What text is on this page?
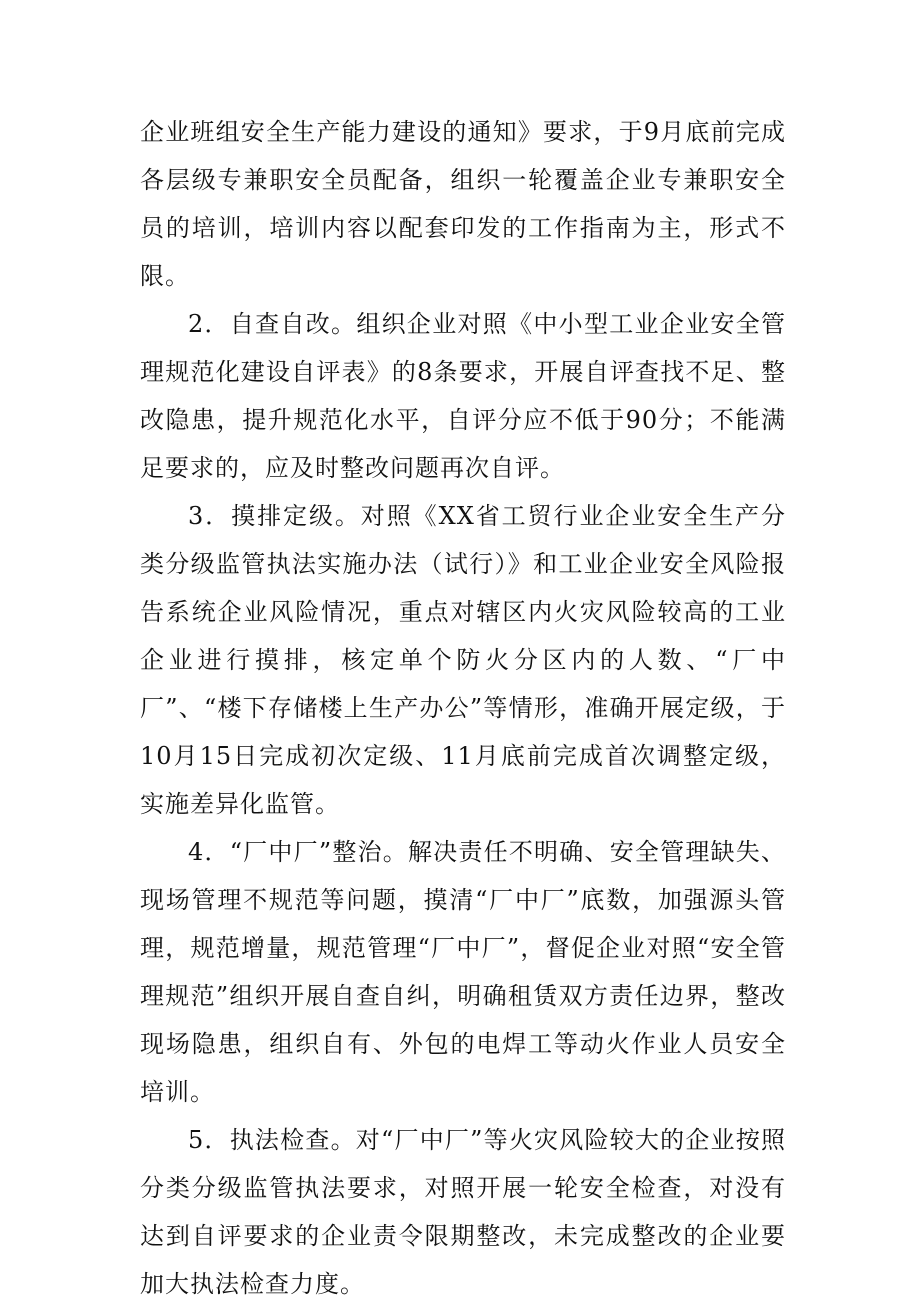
企业班组安全生产能力建设的通知》要求，于9月底前完成各层级专兼职安全员配备，组织一轮覆盖企业专兼职安全员的培训，培训内容以配套印发的工作指南为主，形式不限。

2．自查自改。组织企业对照《中小型工业企业安全管理规范化建设自评表》的8条要求，开展自评查找不足、整改隐患，提升规范化水平，自评分应不低于90分；不能满足要求的，应及时整改问题再次自评。

3．摸排定级。对照《XX省工贸行业企业安全生产分类分级监管执法实施办法（试行）》和工业企业安全风险报告系统企业风险情况，重点对辖区内火灾风险较高的工业企业进行摸排，核定单个防火分区内的人数、“厂中厂”、“楼下存储楼上生产办公”等情形，准确开展定级，于10月15日完成初次定级、11月底前完成首次调整定级，实施差异化监管。

4．“厂中厂”整治。解决责任不明确、安全管理缺失、现场管理不规范等问题，摸清“厂中厂”底数，加强源头管理，规范增量，规范管理“厂中厂”，督促企业对照“安全管理规范”组织开展自查自纠，明确租赁双方责任边界，整改现场隐患，组织自有、外包的电焊工等动火作业人员安全培训。

5．执法检查。对“厂中厂”等火灾风险较大的企业按照分类分级监管执法要求，对照开展一轮安全检查，对没有达到自评要求的企业责令限期整改，未完成整改的企业要加大执法检查力度。
